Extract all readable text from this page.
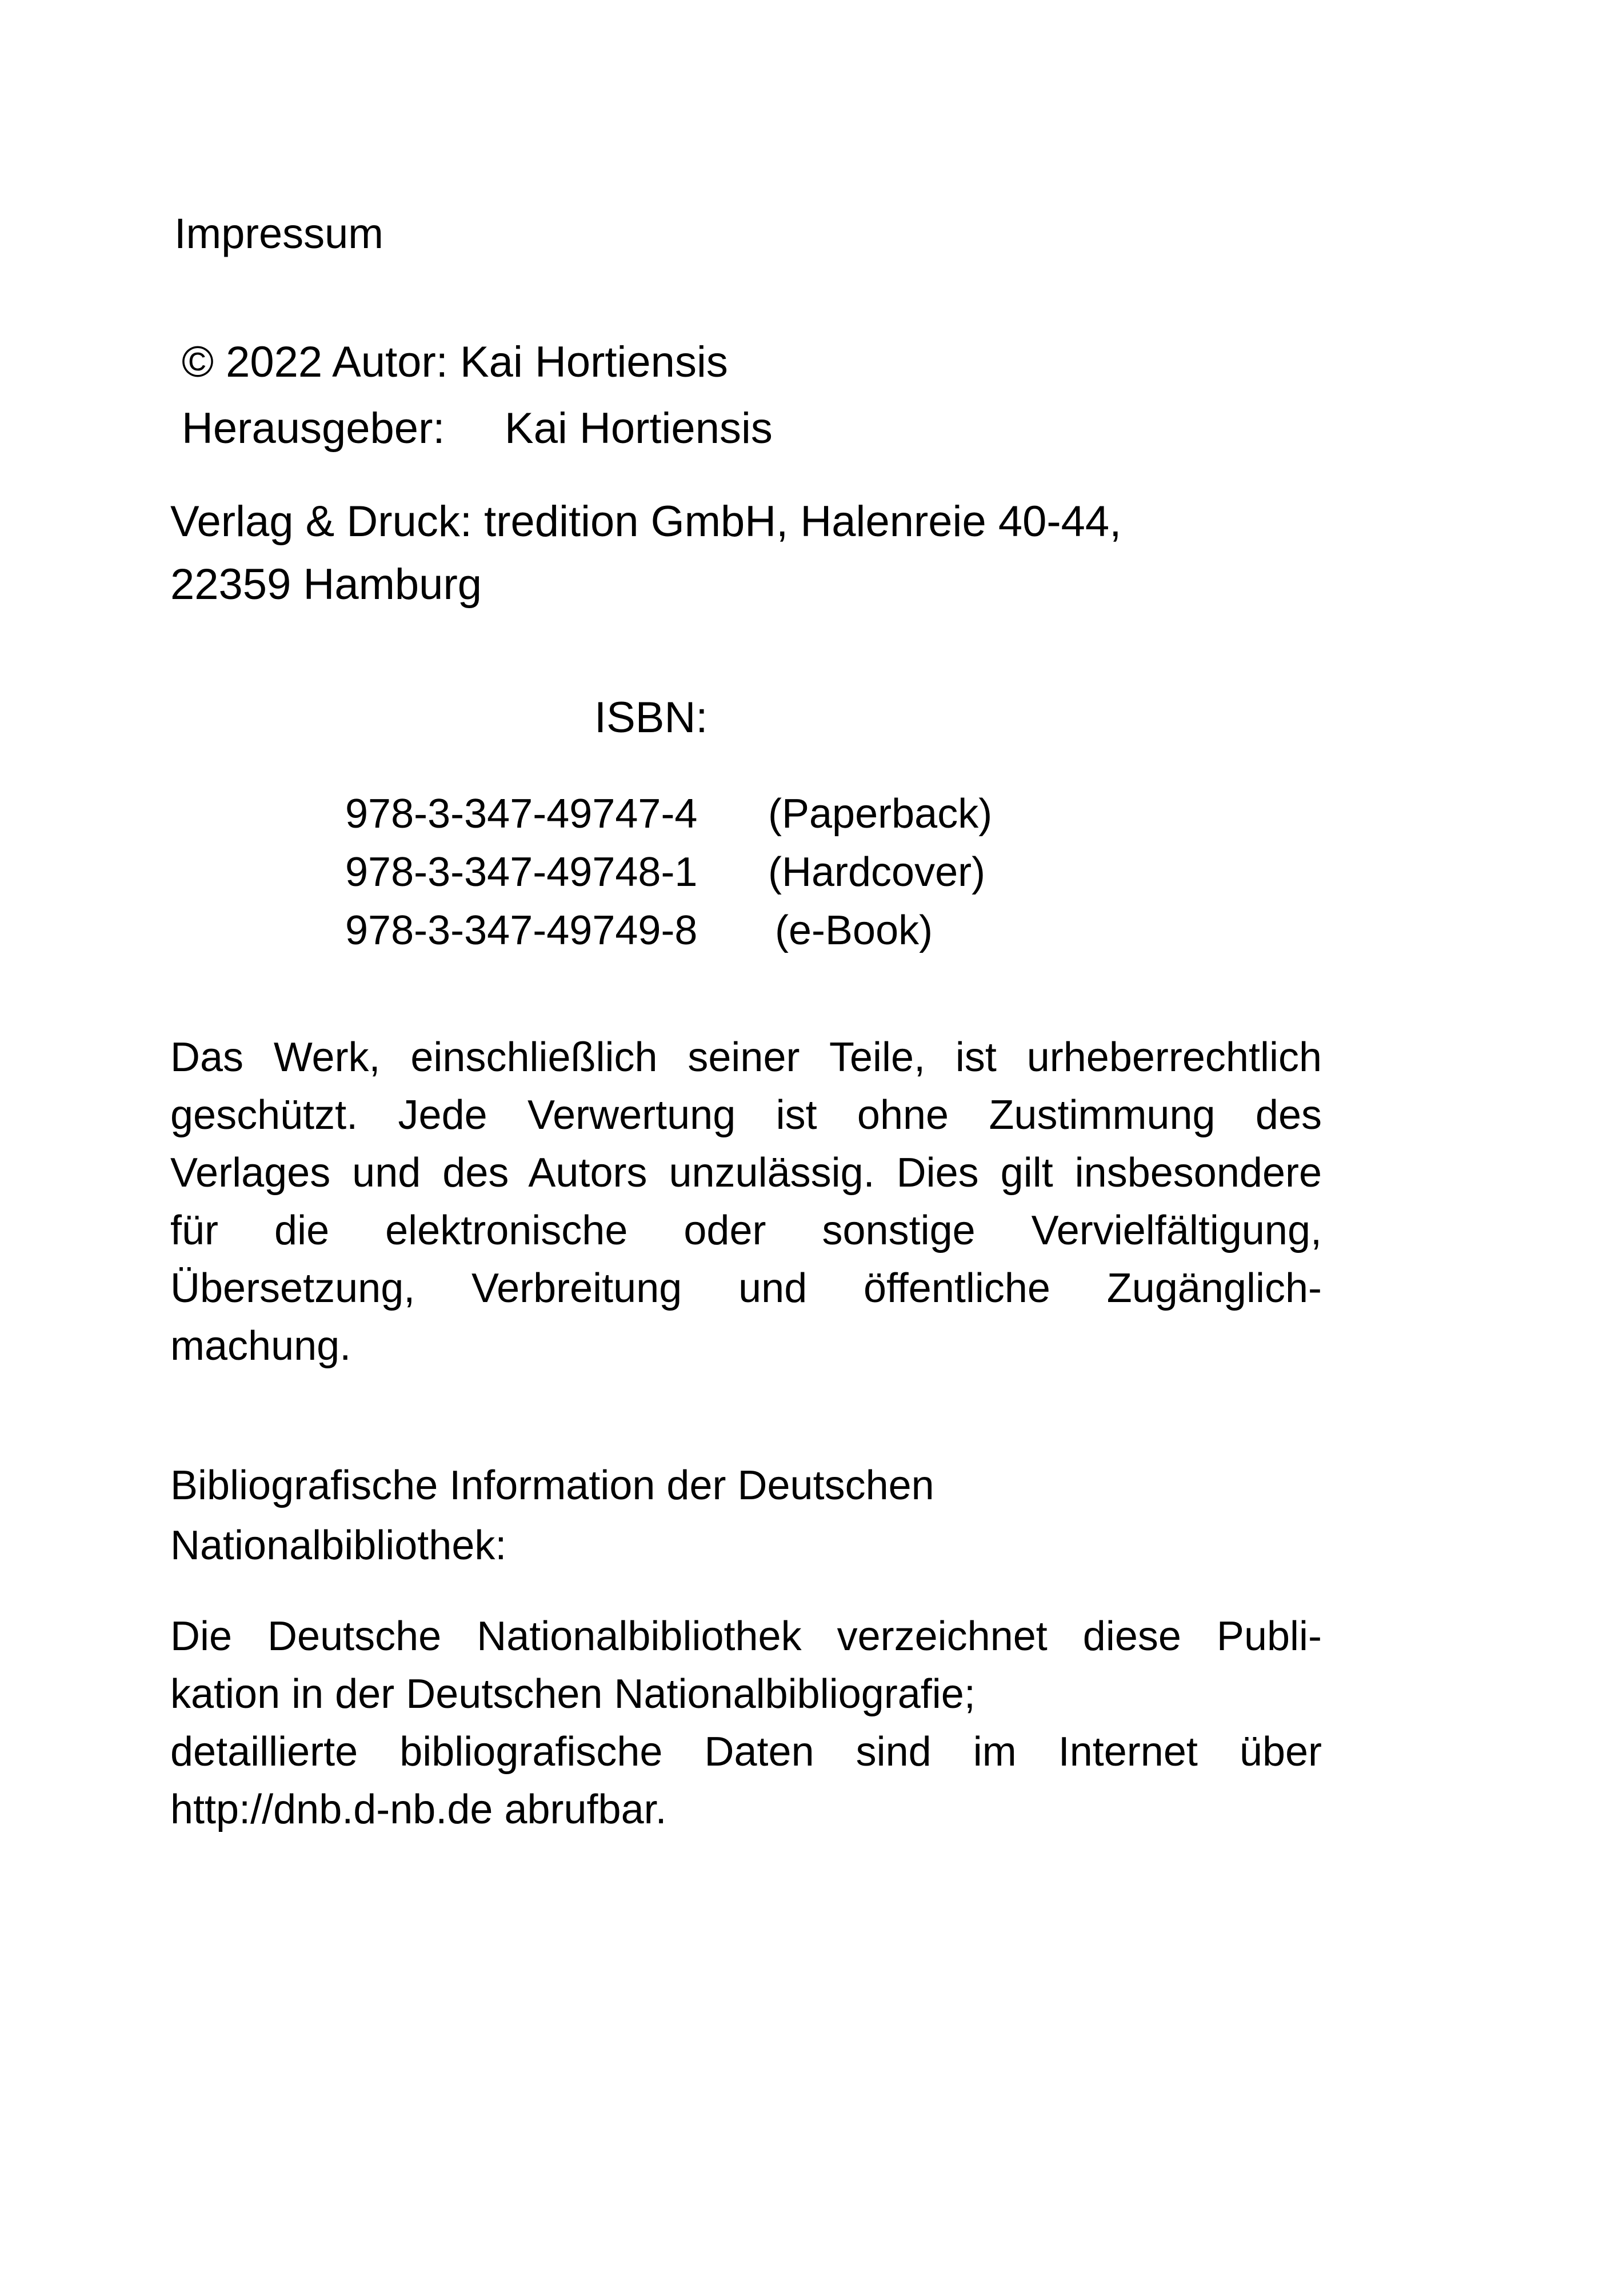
Impressum
© 2022 Autor: Kai Hortiensis
Herausgeber: Kai Hortiensis
Verlag & Druck: tredition GmbH, Halenreie 40-44,
22359 Hamburg
ISBN:
978-3-347-49747-4 (Paperback)
978-3-347-49748-1 (Hardcover)
978-3-347-49749-8 (e-Book)
Das Werk, einschließlich seiner Teile, ist urheberrechtlich
geschützt. Jede Verwertung ist ohne Zustimmung des
Verlages und des Autors unzulässig. Dies gilt insbesondere
für die elektronische oder sonstige Vervielfältigung,
Übersetzung, Verbreitung und öffentliche Zugänglich-
machung.
Bibliografische Information der Deutschen
Nationalbibliothek:
Die Deutsche Nationalbibliothek verzeichnet diese Publi-
kation in der Deutschen Nationalbibliografie;
detaillierte bibliografische Daten sind im Internet über
http://dnb.d-nb.de abrufbar.
